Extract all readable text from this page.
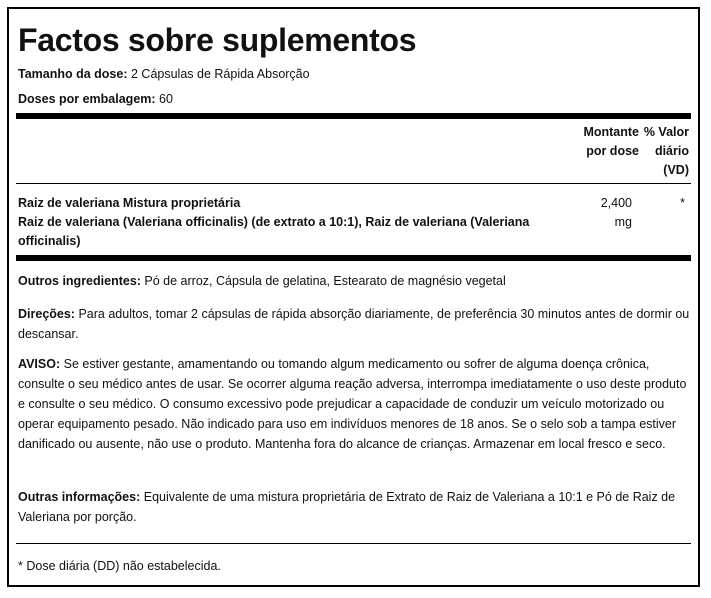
Factos sobre suplementos
Tamanho da dose: 2 Cápsulas de Rápida Absorção
Doses por embalagem: 60
Montante
por dose
% Valor
diário
(VD)
Raiz de valeriana Mistura proprietária
Raiz de valeriana (Valeriana officinalis) (de extrato a 10:1), Raiz de valeriana (Valeriana
officinalis)
2,400
mg
*
Outros ingredientes: Pó de arroz, Cápsula de gelatina, Estearato de magnésio vegetal
Direções: Para adultos, tomar 2 cápsulas de rápida absorção diariamente, de preferência 30 minutos antes de dormir ou descansar.
AVISO: Se estiver gestante, amamentando ou tomando algum medicamento ou sofrer de alguma doença crônica, consulte o seu médico antes de usar. Se ocorrer alguma reação adversa, interrompa imediatamente o uso deste produto e consulte o seu médico. O consumo excessivo pode prejudicar a capacidade de conduzir um veículo motorizado ou operar equipamento pesado. Não indicado para uso em indivíduos menores de 18 anos. Se o selo sob a tampa estiver danificado ou ausente, não use o produto. Mantenha fora do alcance de crianças. Armazenar em local fresco e seco.
Outras informações: Equivalente de uma mistura proprietária de Extrato de Raiz de Valeriana a 10:1 e Pó de Raiz de Valeriana por porção.
* Dose diária (DD) não estabelecida.
